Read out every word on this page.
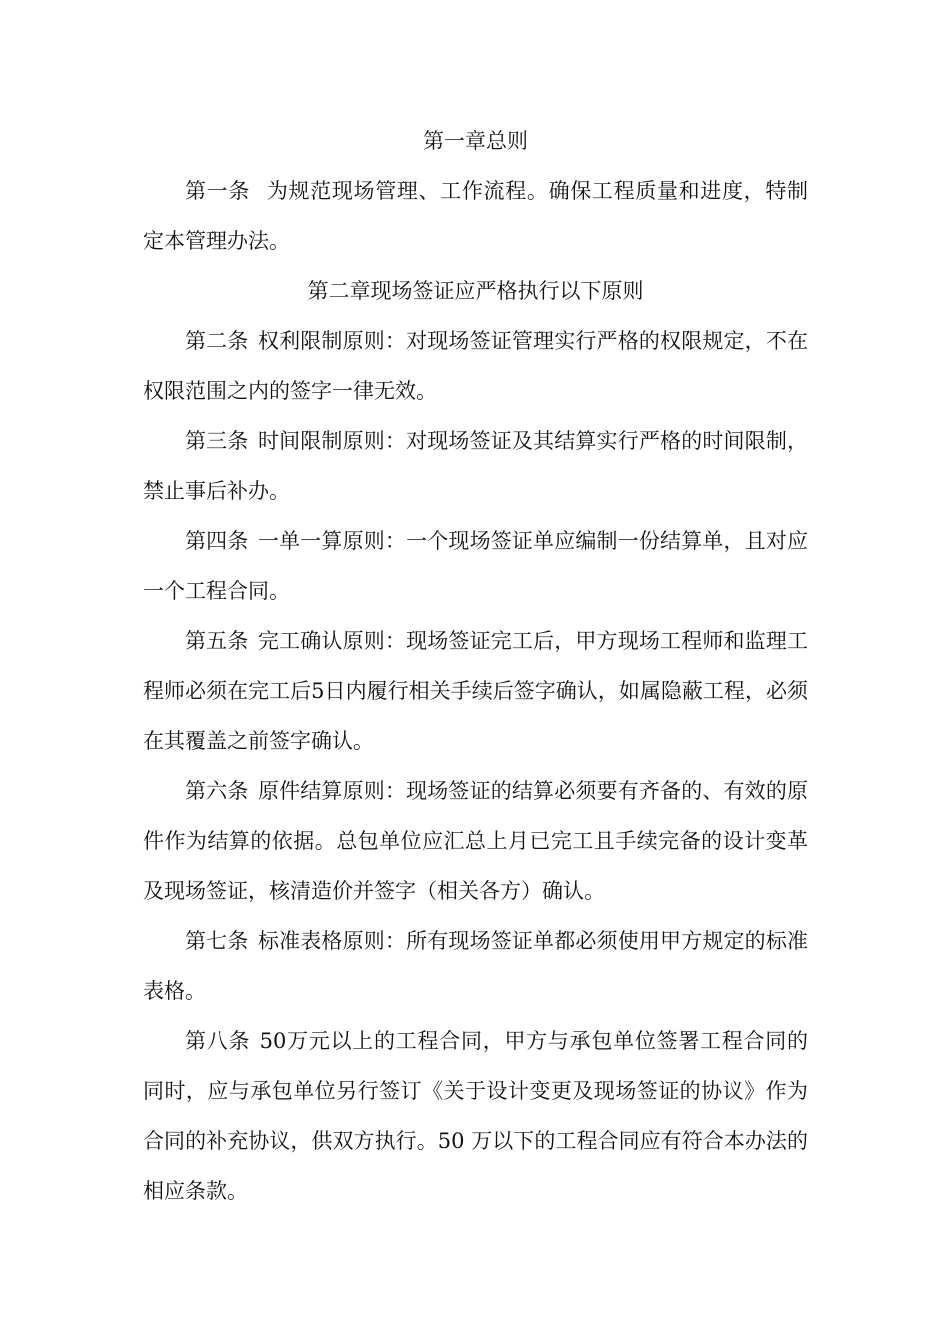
第一章总则

第一条 为规范现场管理、工作流程。确保工程质量和进度，特制定本管理办法。

第二章现场签证应严格执行以下原则

第二条 权利限制原则：对现场签证管理实行严格的权限规定，不在权限范围之内的签字一律无效。

第三条 时间限制原则：对现场签证及其结算实行严格的时间限制，禁止事后补办。

第四条 一单一算原则：一个现场签证单应编制一份结算单，且对应一个工程合同。

第五条 完工确认原则：现场签证完工后，甲方现场工程师和监理工程师必须在完工后5日内履行相关手续后签字确认，如属隐蔽工程，必须在其覆盖之前签字确认。

第六条 原件结算原则：现场签证的结算必须要有齐备的、有效的原件作为结算的依据。总包单位应汇总上月已完工且手续完备的设计变革及现场签证，核清造价并签字（相关各方）确认。

第七条 标准表格原则：所有现场签证单都必须使用甲方规定的标准表格。

第八条 50万元以上的工程合同，甲方与承包单位签署工程合同的同时，应与承包单位另行签订《关于设计变更及现场签证的协议》作为合同的补充协议，供双方执行。50 万以下的工程合同应有符合本办法的相应条款。
